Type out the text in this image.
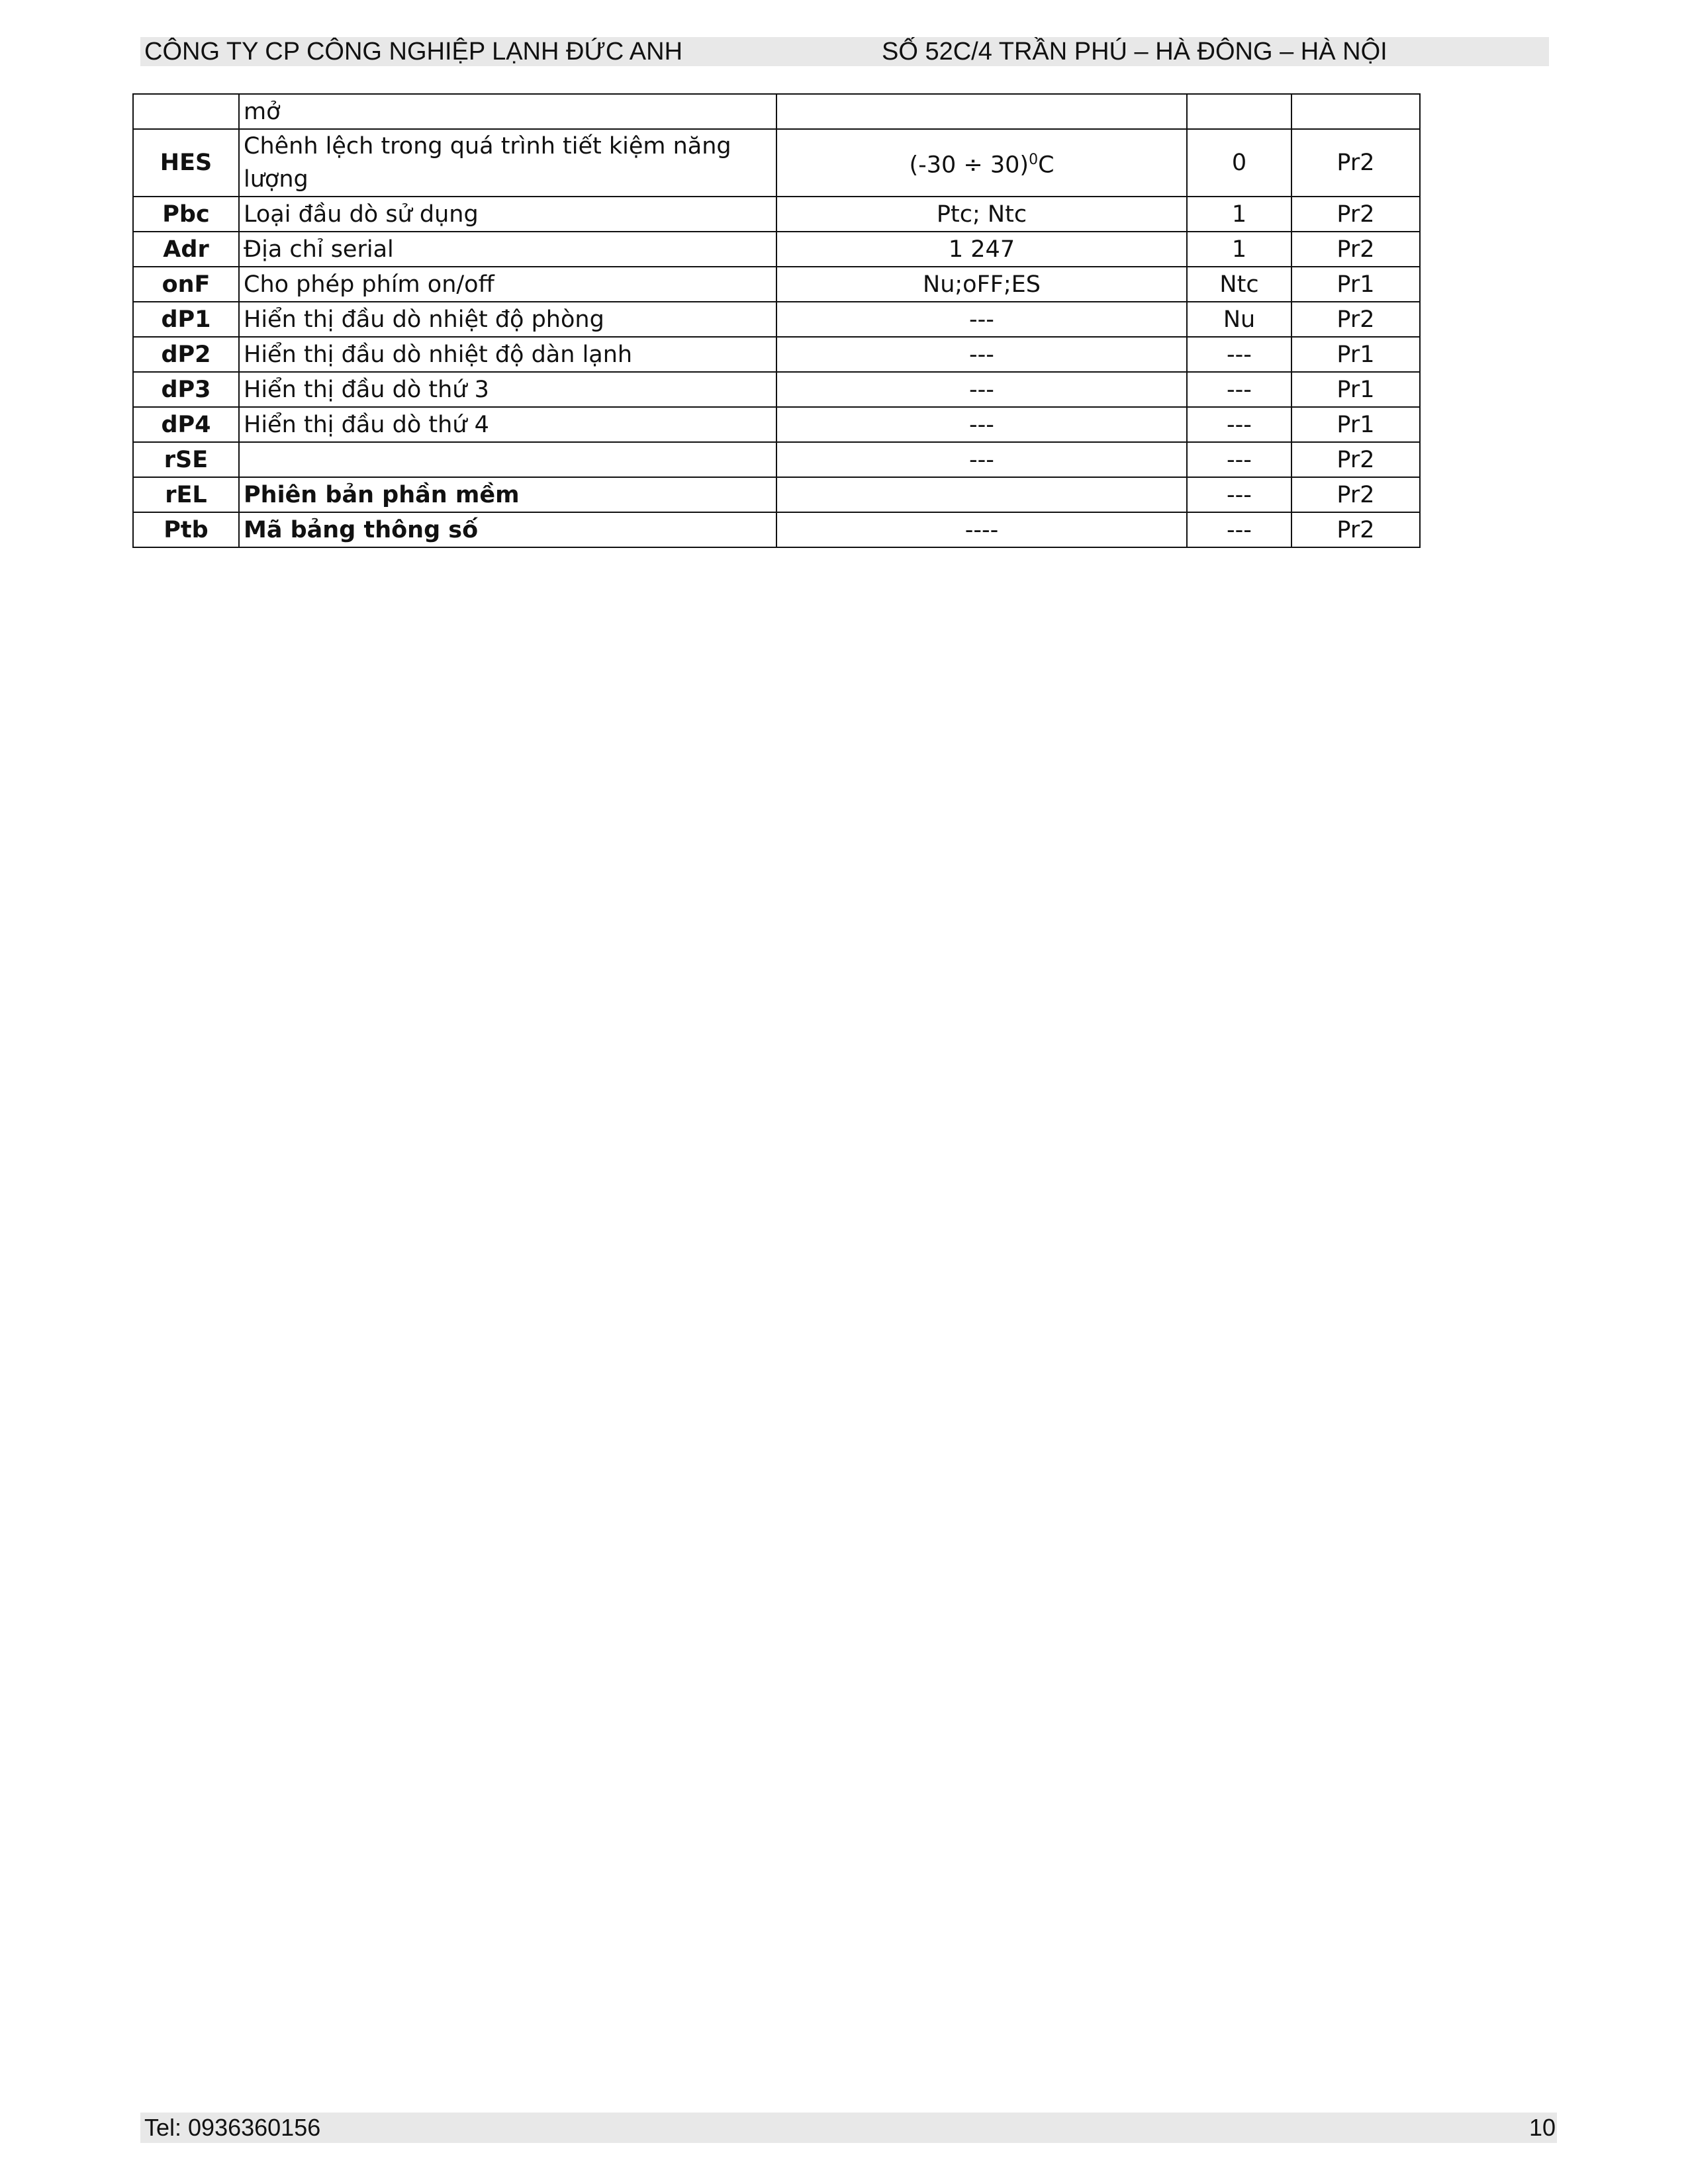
CÔNG TY CP CÔNG NGHIỆP LẠNH ĐỨC ANH	SỐ 52C/4 TRẦN PHÚ – HÀ ĐÔNG – HÀ NỘI
	mở			
HES	Chênh lệch trong quá trình tiết kiệm năng lượng	$(-30 \div 30)^0C$	0	Pr2
Pbc	Loại đầu dò sử dụng	Ptc; Ntc	1	Pr2
Adr	Địa chỉ serial	1 247	1	Pr2
onF	Cho phép phím on/off	Nu;oFF;ES	Ntc	Pr1
dP1	Hiển thị đầu dò nhiệt độ phòng	---	Nu	Pr2
dP2	Hiển thị đầu dò nhiệt độ dàn lạnh	---	---	Pr1
dP3	Hiển thị đầu dò thứ 3	---	---	Pr1
dP4	Hiển thị đầu dò thứ 4	---	---	Pr1
rSE		---	---	Pr2
rEL	Phiên bản phần mềm		---	Pr2
Ptb	Mã bảng thông số	----	---	Pr2
Tel: 0936360156	10
